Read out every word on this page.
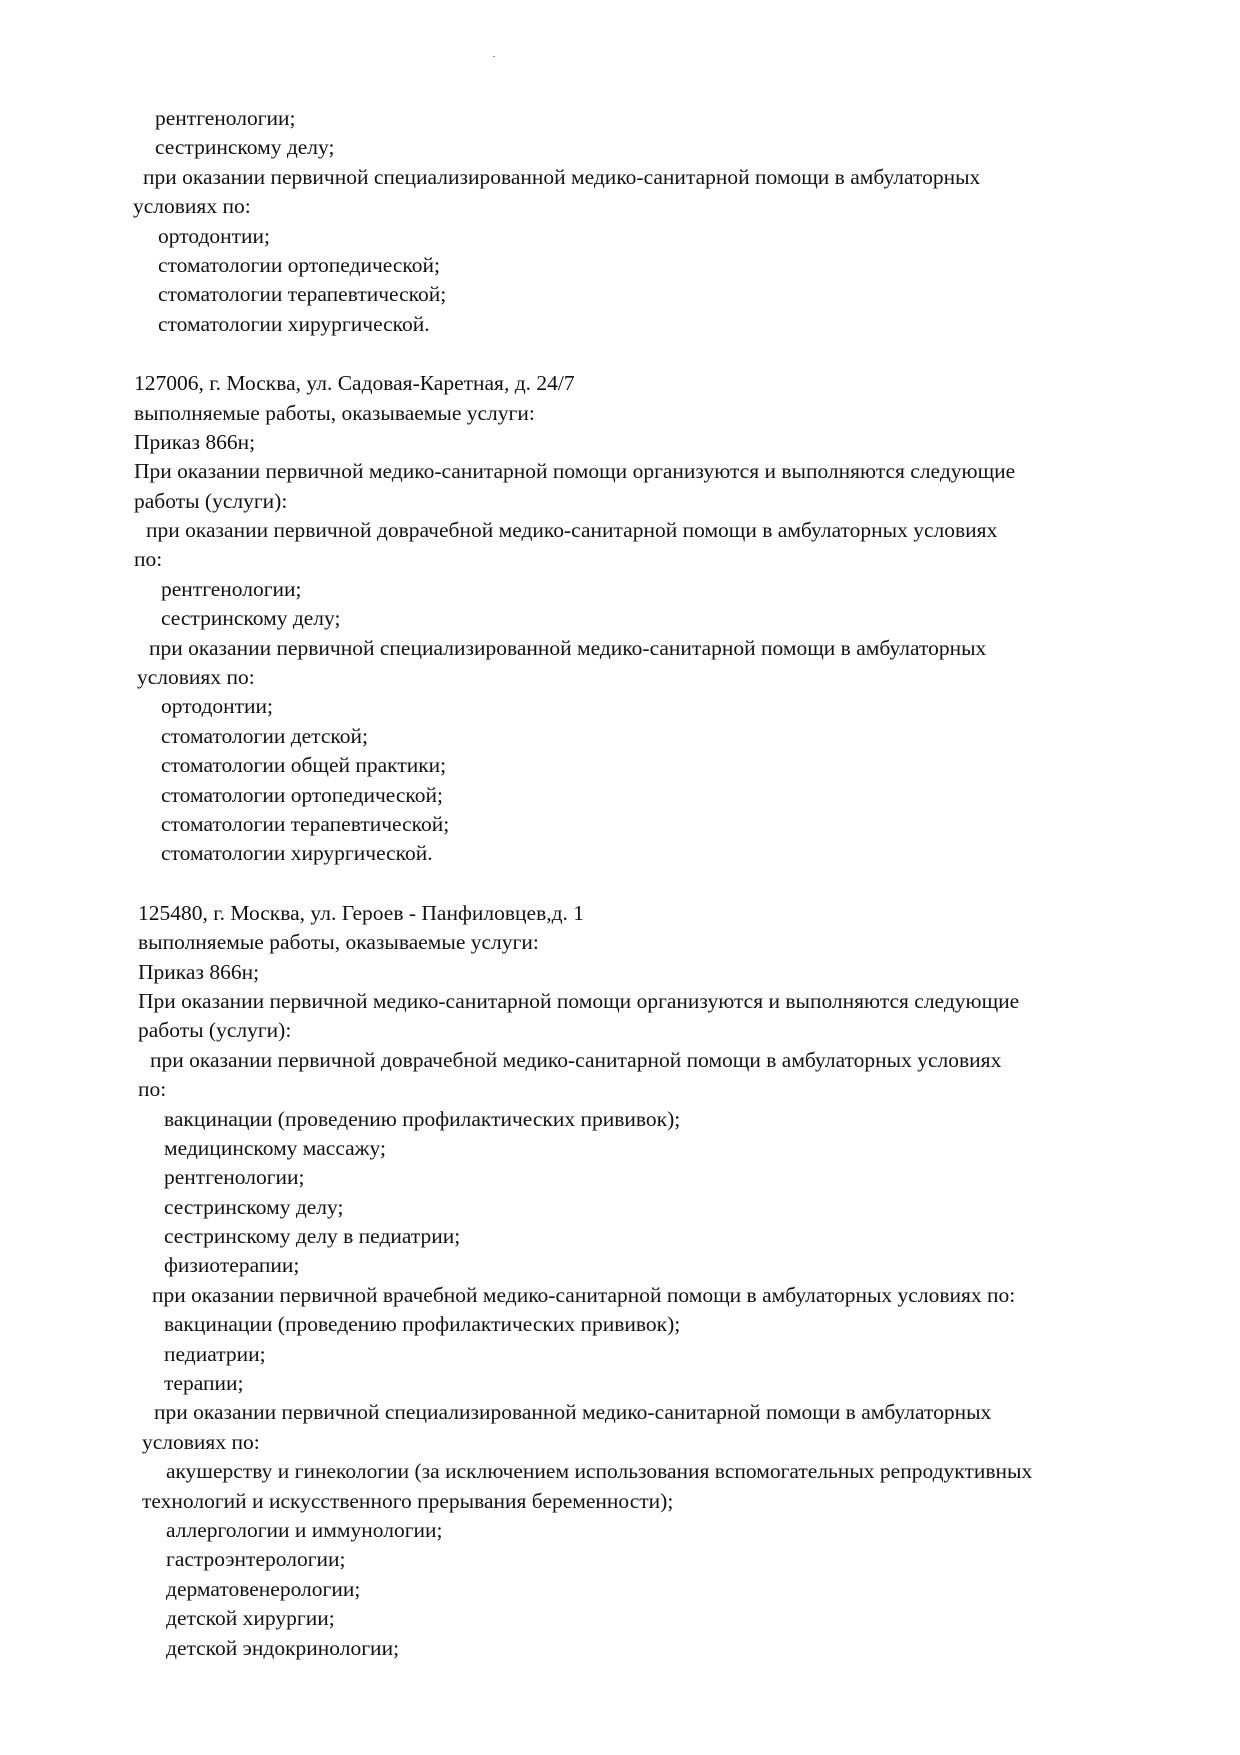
рентгенологии;
сестринскому делу;
при оказании первичной специализированной медико-санитарной помощи в амбулаторных
условиях по:
ортодонтии;
стоматологии ортопедической;
стоматологии терапевтической;
стоматологии хирургической.
127006, г. Москва, ул. Садовая-Каретная, д. 24/7
выполняемые работы, оказываемые услуги:
Приказ 866н;
При оказании первичной медико-санитарной помощи организуются и выполняются следующие
работы (услуги):
при оказании первичной доврачебной медико-санитарной помощи в амбулаторных условиях
по:
рентгенологии;
сестринскому делу;
при оказании первичной специализированной медико-санитарной помощи в амбулаторных
условиях по:
ортодонтии;
стоматологии детской;
стоматологии общей практики;
стоматологии ортопедической;
стоматологии терапевтической;
стоматологии хирургической.
125480, г. Москва, ул. Героев - Панфиловцев,д. 1
выполняемые работы, оказываемые услуги:
Приказ 866н;
При оказании первичной медико-санитарной помощи организуются и выполняются следующие
работы (услуги):
при оказании первичной доврачебной медико-санитарной помощи в амбулаторных условиях
по:
вакцинации (проведению профилактических прививок);
медицинскому массажу;
рентгенологии;
сестринскому делу;
сестринскому делу в педиатрии;
физиотерапии;
при оказании первичной врачебной медико-санитарной помощи в амбулаторных условиях по:
вакцинации (проведению профилактических прививок);
педиатрии;
терапии;
при оказании первичной специализированной медико-санитарной помощи в амбулаторных
условиях по:
акушерству и гинекологии (за исключением использования вспомогательных репродуктивных
технологий и искусственного прерывания беременности);
аллергологии и иммунологии;
гастроэнтерологии;
дерматовенерологии;
детской хирургии;
детской эндокринологии;
